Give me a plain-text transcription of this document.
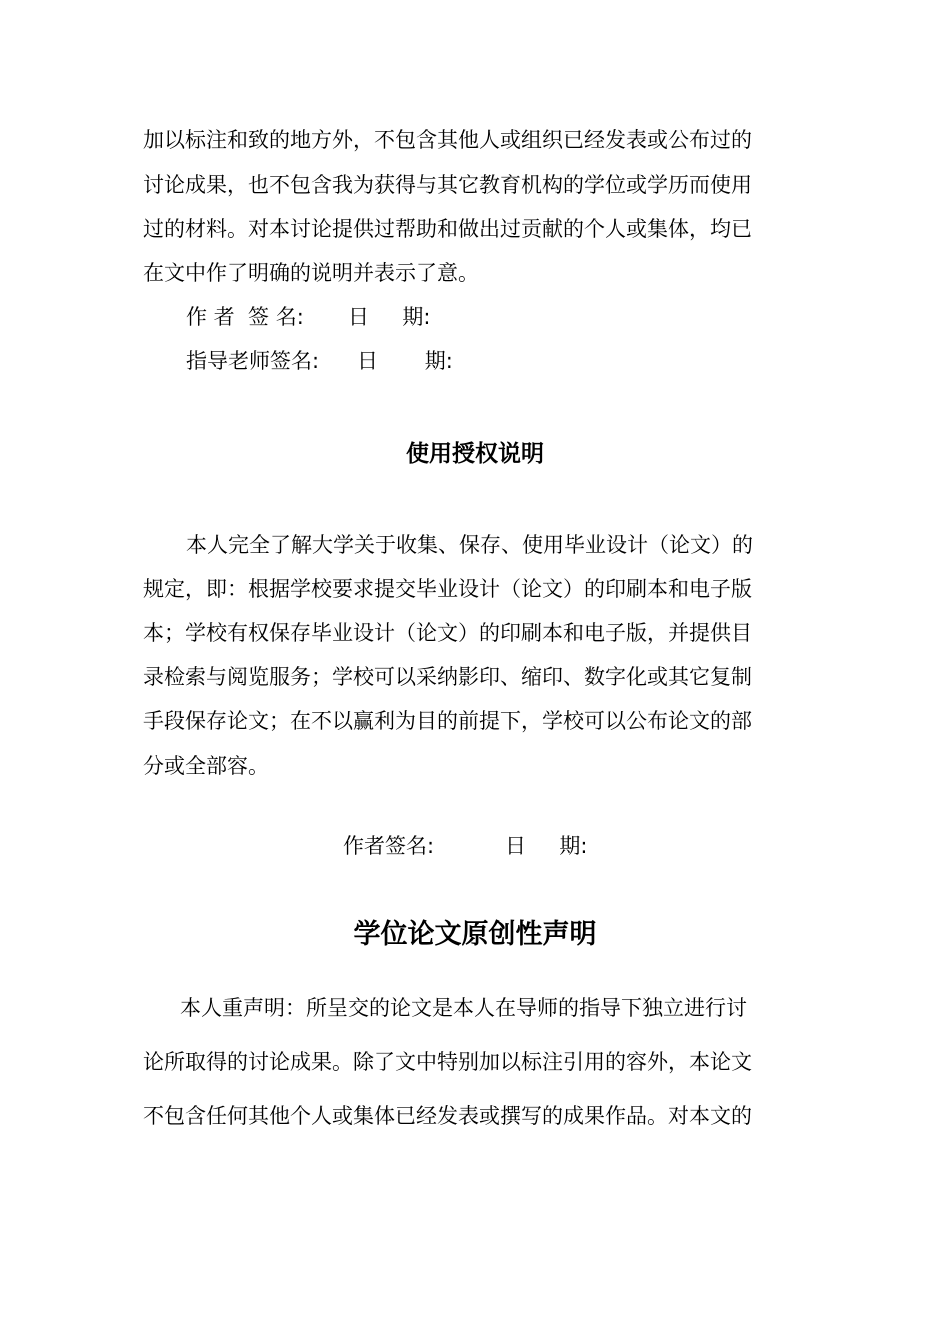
加以标注和致的地方外，不包含其他人或组织已经发表或公布过的
讨论成果，也不包含我为获得与其它教育机构的学位或学历而使用
过的材料。对本讨论提供过帮助和做出过贡献的个人或集体，均已
在文中作了明确的说明并表示了意。
作 者  签 名: 日     期:
指导老师签名: 日       期:
使用授权说明
本人完全了解大学关于收集、保存、使用毕业设计（论文）的
规定，即：根据学校要求提交毕业设计（论文）的印刷本和电子版
本；学校有权保存毕业设计（论文）的印刷本和电子版，并提供目
录检索与阅览服务；学校可以采纳影印、缩印、数字化或其它复制
手段保存论文；在不以赢利为目的前提下，学校可以公布论文的部
分或全部容。
作者签名:	日     期:
学位论文原创性声明
本人重声明：所呈交的论文是本人在导师的指导下独立进行讨
论所取得的讨论成果。除了文中特别加以标注引用的容外，本论文
不包含任何其他个人或集体已经发表或撰写的成果作品。对本文的
